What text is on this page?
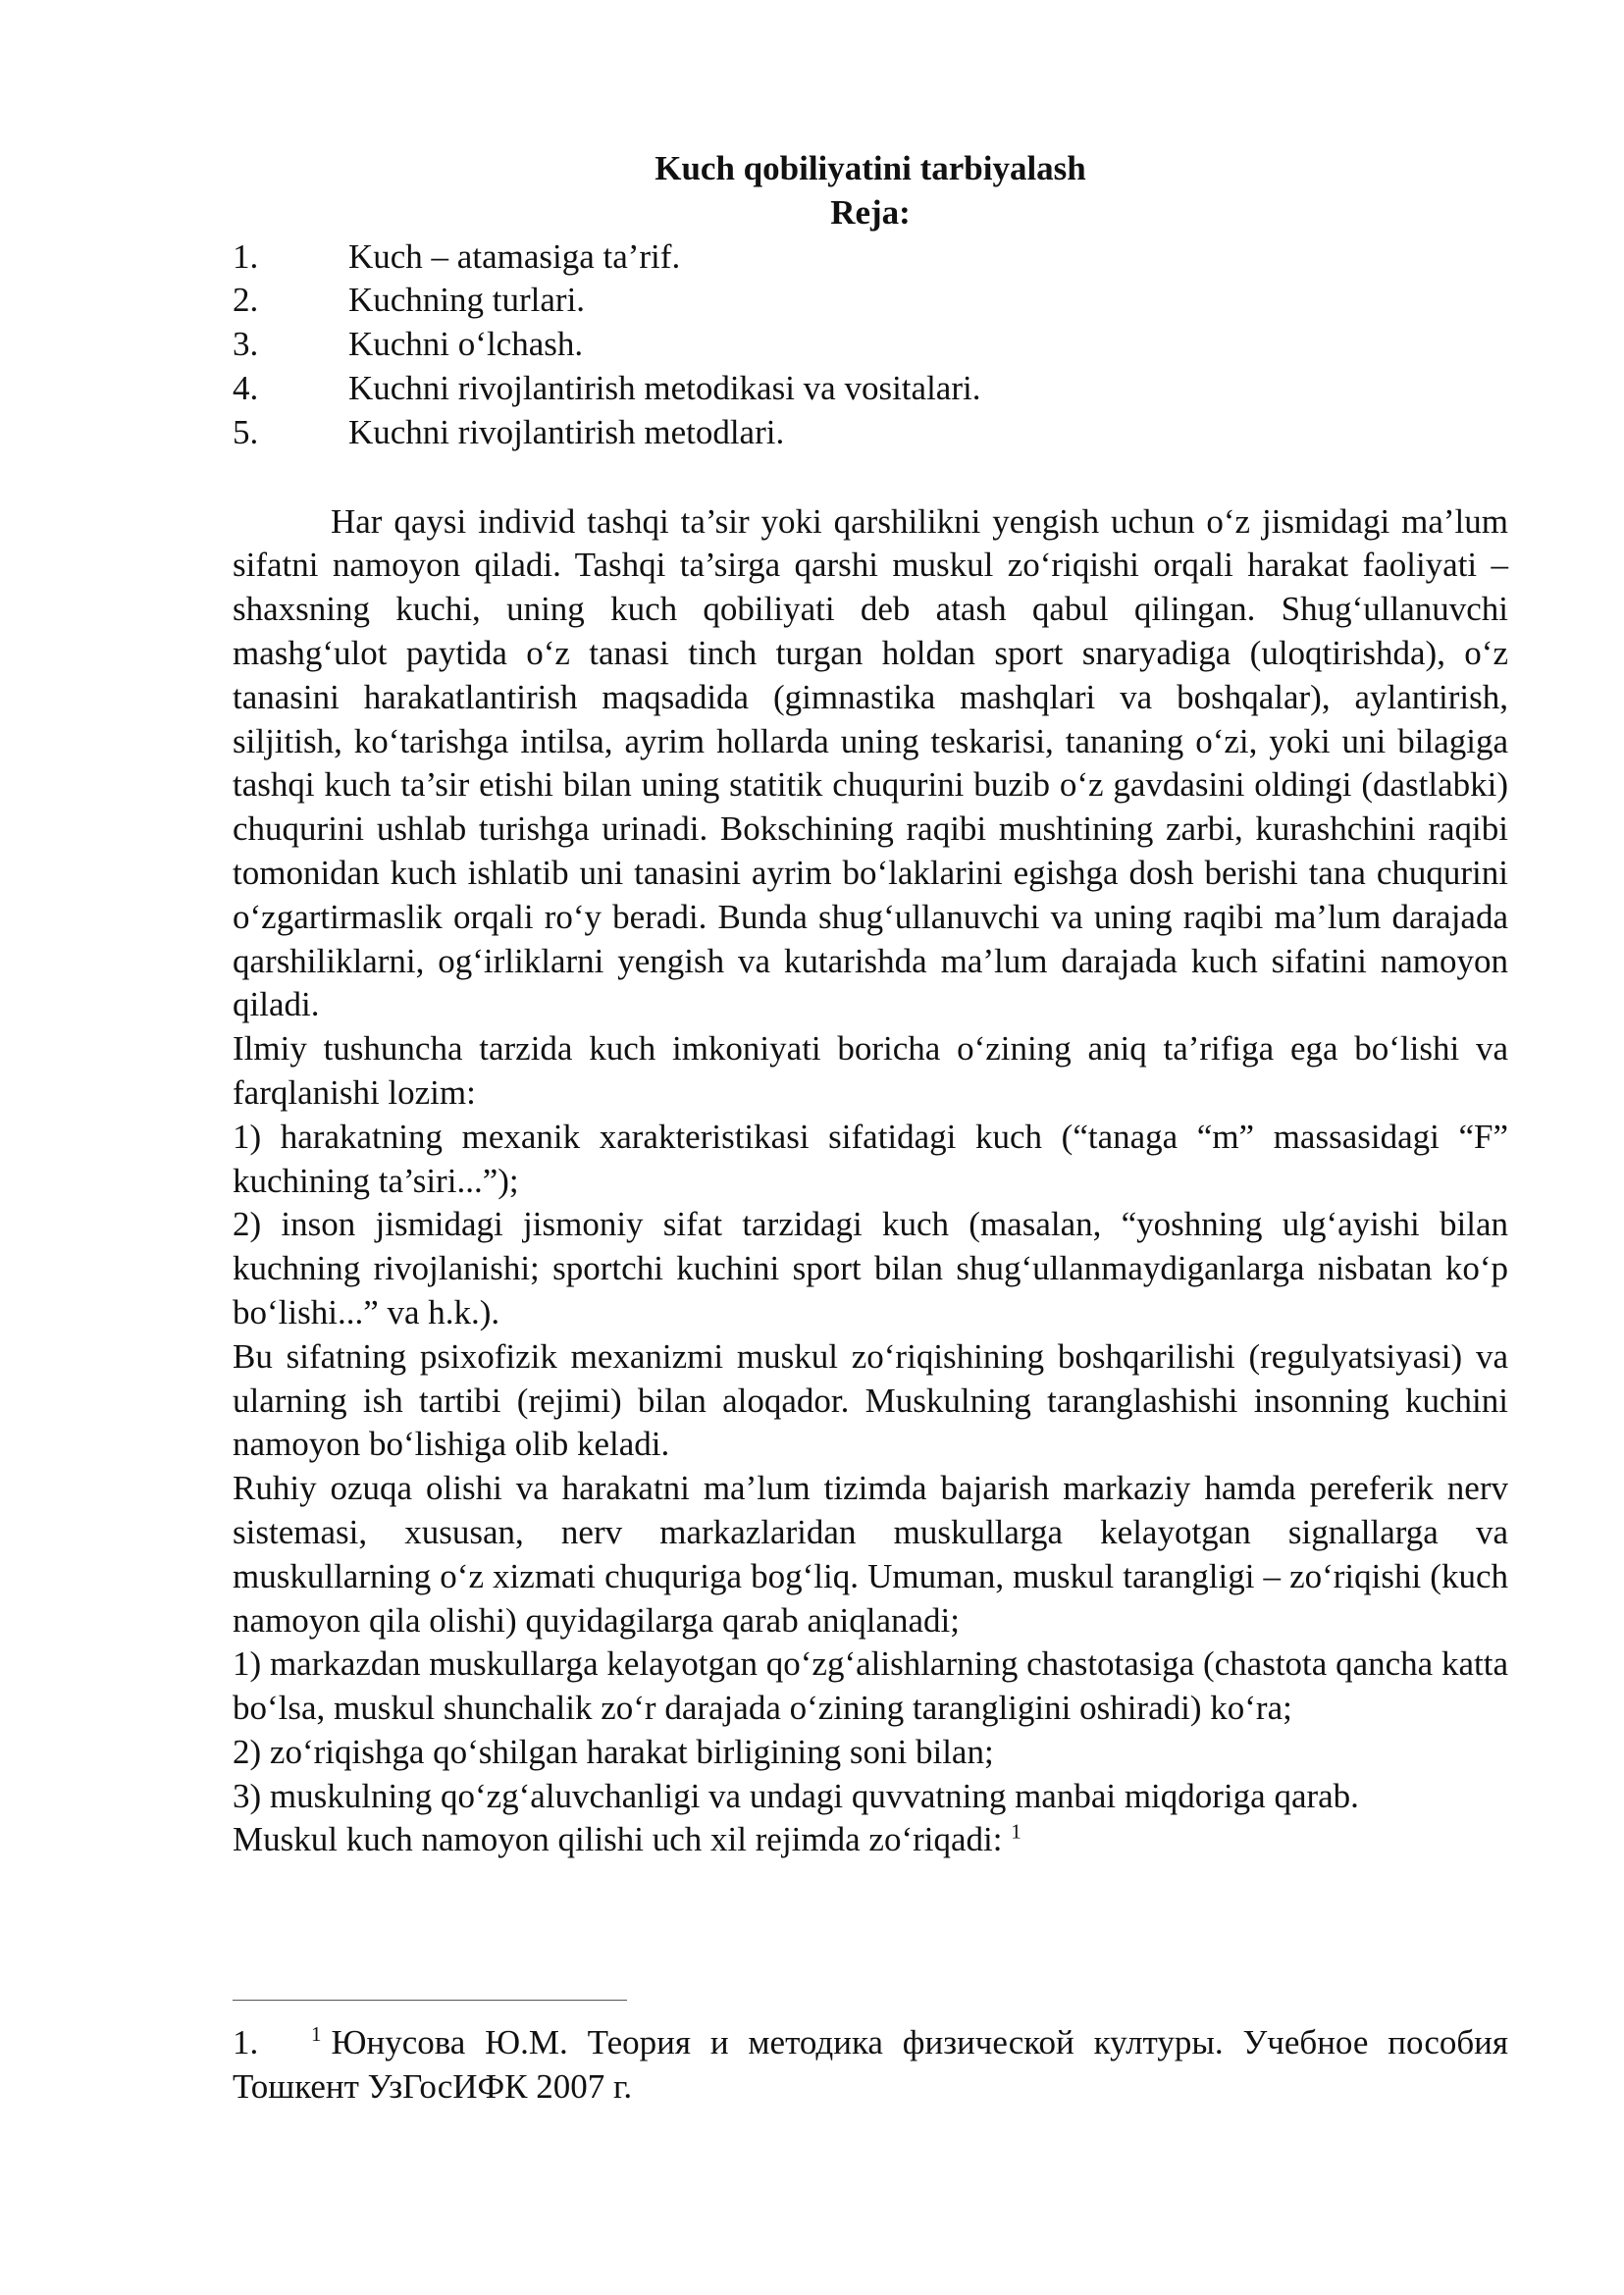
Kuch qobiliyatini tarbiyalash

Reja:

1.	Kuch – atamasiga ta’rif.
2.	Kuchning turlari.
3.	Kuchni o‘lchash.
4.	Kuchni rivojlantirish metodikasi va vositalari.
5.	Kuchni rivojlantirish metodlari.

Har qaysi individ tashqi ta’sir yoki qarshilikni yengish uchun o‘z jismidagi ma’lum sifatni namoyon qiladi. Tashqi ta’sirga qarshi muskul zo‘riqishi orqali harakat faoliyati – shaxsning kuchi, uning kuch qobiliyati deb atash qabul qilingan. Shug‘ullanuvchi mashg‘ulot paytida o‘z tanasi tinch turgan holdan sport snaryadiga (uloqtirishda), o‘z tanasini harakatlantirish maqsadida (gimnastika mashqlari va boshqalar), aylantirish, siljitish, ko‘tarishga intilsa, ayrim hollarda uning teskarisi, tananing o‘zi, yoki uni bilagiga tashqi kuch ta’sir etishi bilan uning statitik chuqurini buzib o‘z gavdasini oldingi (dastlabki) chuqurini ushlab turishga urinadi. Bokschining raqibi mushtining zarbi, kurashchini raqibi tomonidan kuch ishlatib uni tanasini ayrim bo‘laklarini egishga dosh berishi tana chuqurini o‘zgartirmaslik orqali ro‘y beradi. Bunda shug‘ullanuvchi va uning raqibi ma’lum darajada qarshiliklarni, og‘irliklarni yengish va kutarishda ma’lum darajada kuch sifatini namoyon qiladi.

Ilmiy tushuncha tarzida kuch imkoniyati boricha o‘zining aniq ta’rifiga ega bo‘lishi va farqlanishi lozim:

1) harakatning mexanik xarakteristikasi sifatidagi kuch (“tanaga “m” massasidagi “F” kuchining ta’siri...”);

2) inson jismidagi jismoniy sifat tarzidagi kuch (masalan, “yoshning ulg‘ayishi bilan kuchning rivojlanishi; sportchi kuchini sport bilan shug‘ullanmaydiganlarga nisbatan ko‘p bo‘lishi...” va h.k.).

Bu sifatning psixofizik mexanizmi muskul zo‘riqishining boshqarilishi (regulyatsiyasi) va ularning ish tartibi (rejimi) bilan aloqador. Muskulning taranglashishi insonning kuchini namoyon bo‘lishiga olib keladi.

Ruhiy ozuqa olishi va harakatni ma’lum tizimda bajarish markaziy hamda pereferik nerv sistemasi, xususan, nerv markazlaridan muskullarga kelayotgan signallarga va muskullarning o‘z xizmati chuquriga bog‘liq. Umuman, muskul tarangligi – zo‘riqishi (kuch namoyon qila olishi) quyidagilarga qarab aniqlanadi;

1) markazdan muskullarga kelayotgan qo‘zg‘alishlarning chastotasiga (chastota qancha katta bo‘lsa, muskul shunchalik zo‘r darajada o‘zining tarangligini oshiradi) ko‘ra;

2) zo‘riqishga qo‘shilgan harakat birligining soni bilan;

3) muskulning qo‘zg‘aluvchanligi va undagi quvvatning manbai miqdoriga qarab.

Muskul kuch namoyon qilishi uch xil rejimda zo‘riqadi: $^1$

1.	$^1$ Юнусова Ю.М. Теория и методика физической културы. Учебное пособия Тошкент УзГосИФК 2007 г.
